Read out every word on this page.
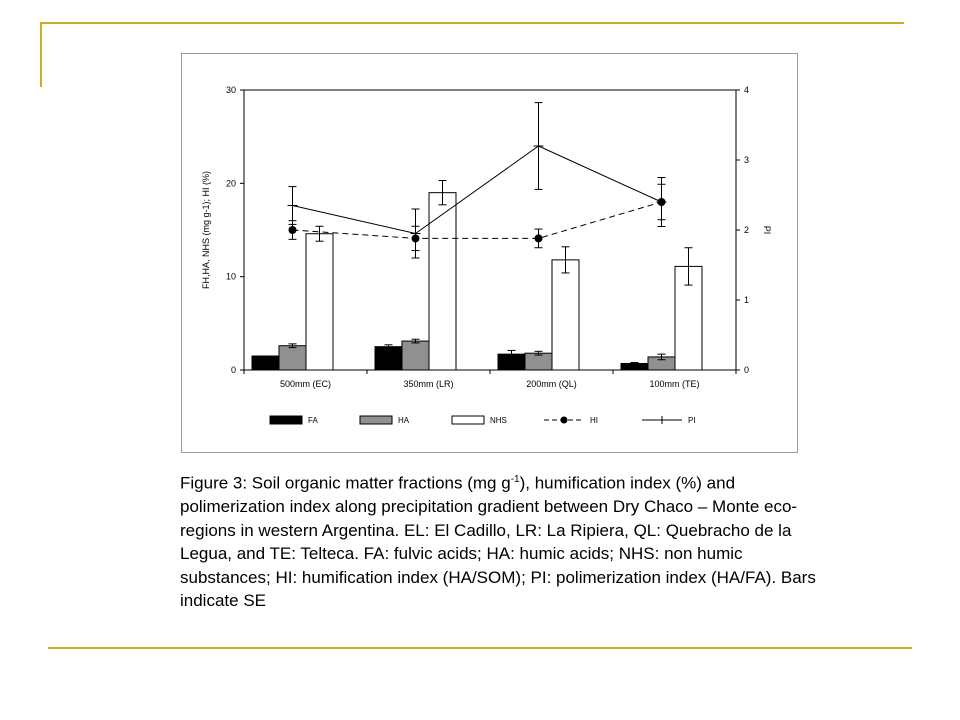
0
10
20
30
0
1
2
3
4
500mm (EC)	350mm (LR)	200mm (QL)	100mm (TE)
FH,HA, NHS (mg g-1); HI (%)	PI
FA	HA	NHS	HI	PI
Figure 3: Soil organic matter fractions (mg $g^{-1}$), humification index (%) and polimerization index along precipitation gradient between Dry Chaco – Monte eco-regions in western Argentina. EL: El Cadillo, LR: La Ripiera, QL: Quebracho de la Legua, and TE: Telteca. FA: fulvic acids; HA: humic acids; NHS: non humic substances; HI: humification index (HA/SOM); PI: polimerization index (HA/FA). Bars indicate SE
